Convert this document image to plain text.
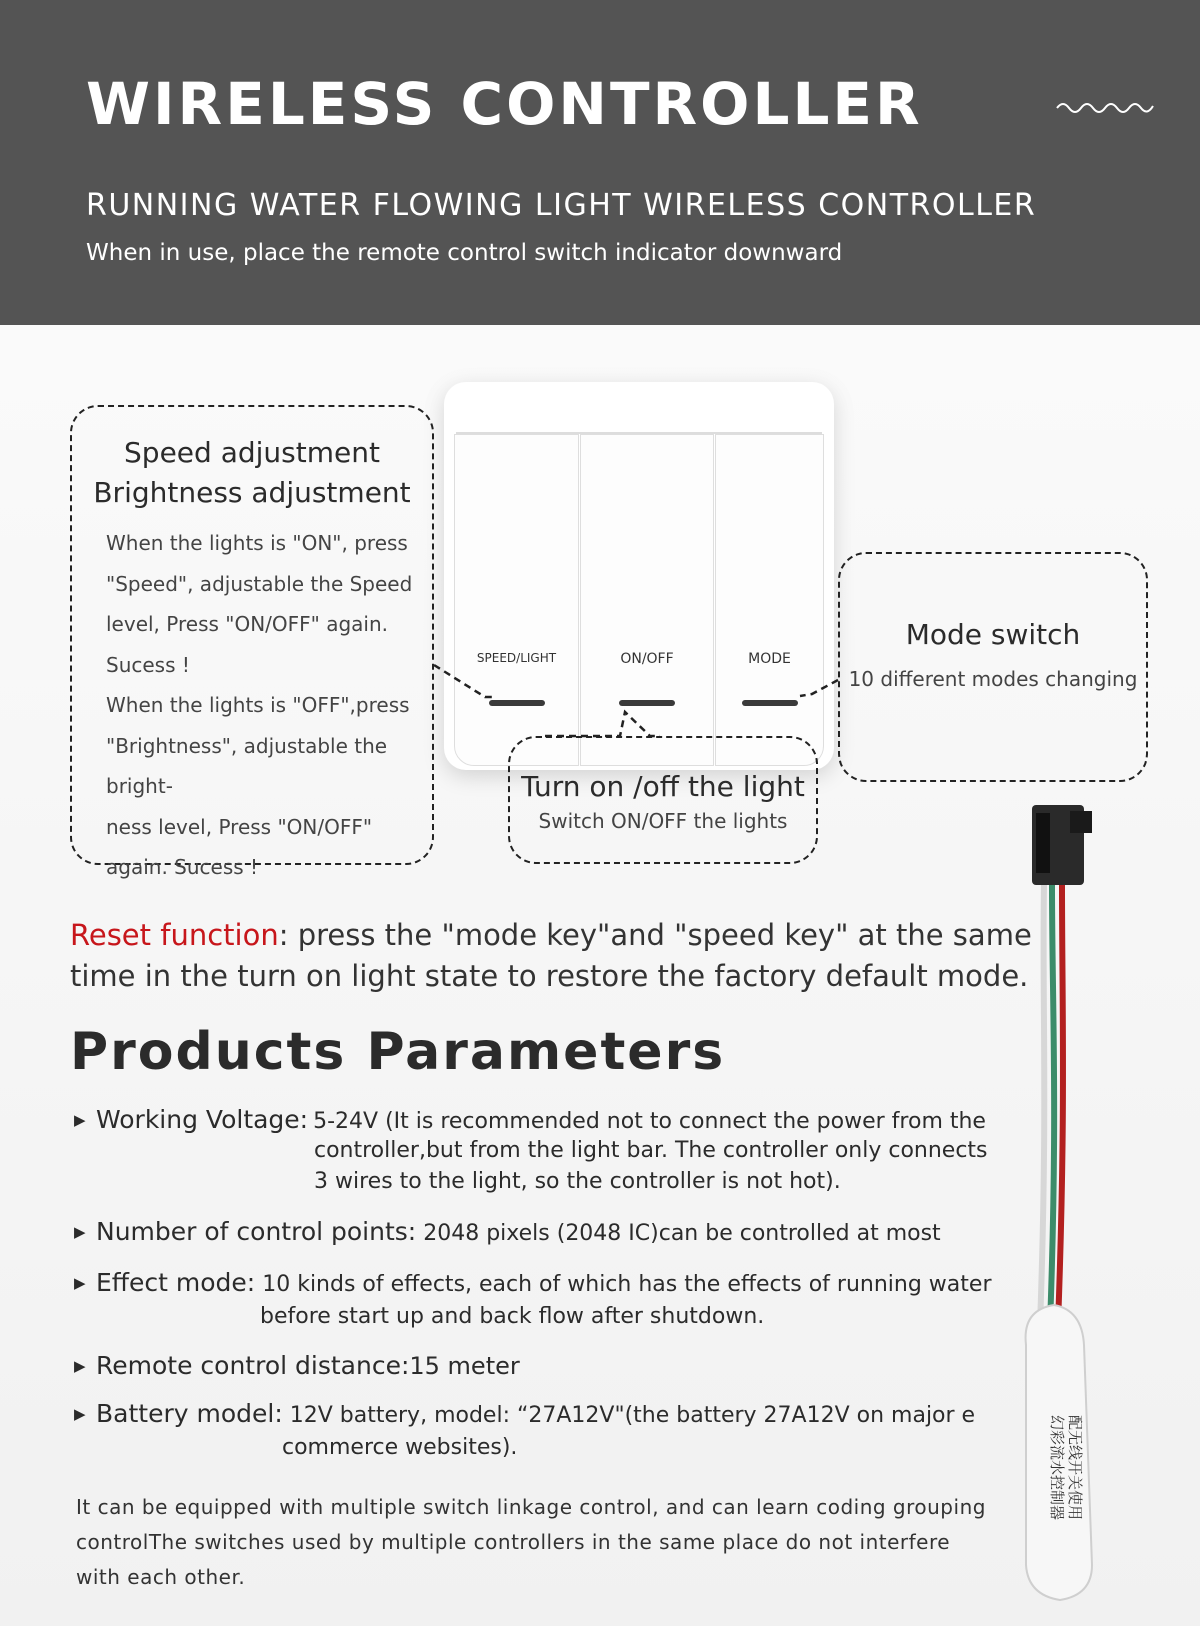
WIRELESS CONTROLLER
RUNNING WATER FLOWING LIGHT WIRELESS CONTROLLER
When in use, place the remote control switch indicator downward
SPEED/LIGHT	ON/OFF	MODE
Speed adjustment
Brightness adjustment
When the lights is "ON", press
"Speed", adjustable the Speed
level, Press "ON/OFF" again.
Sucess !
When the lights is "OFF",press
"Brightness", adjustable the bright-
ness level, Press "ON/OFF"
again. Sucess !
Mode switch
10 different modes changing
Turn on /off the light
Switch ON/OFF the lights
幻彩流水控制器 配无线开关使用
Reset function: press the "mode key"and "speed key" at the same time in the turn on light state to restore the factory default mode.
Products Parameters
▶ Working Voltage: 5-24V (It is recommended not to connect the power from the
controller,but from the light bar. The controller only connects
3 wires to the light, so the controller is not hot).
▶ Number of control points: 2048 pixels (2048 IC)can be controlled at most
▶ Effect mode: 10 kinds of effects, each of which has the effects of running water
before start up and back flow after shutdown.
▶ Remote control distance:15 meter
▶ Battery model: 12V battery, model: “27A12V"(the battery 27A12V on major e
commerce websites).
It can be equipped with multiple switch linkage control, and can learn coding grouping controlThe switches used by multiple controllers in the same place do not interfere with each other.
